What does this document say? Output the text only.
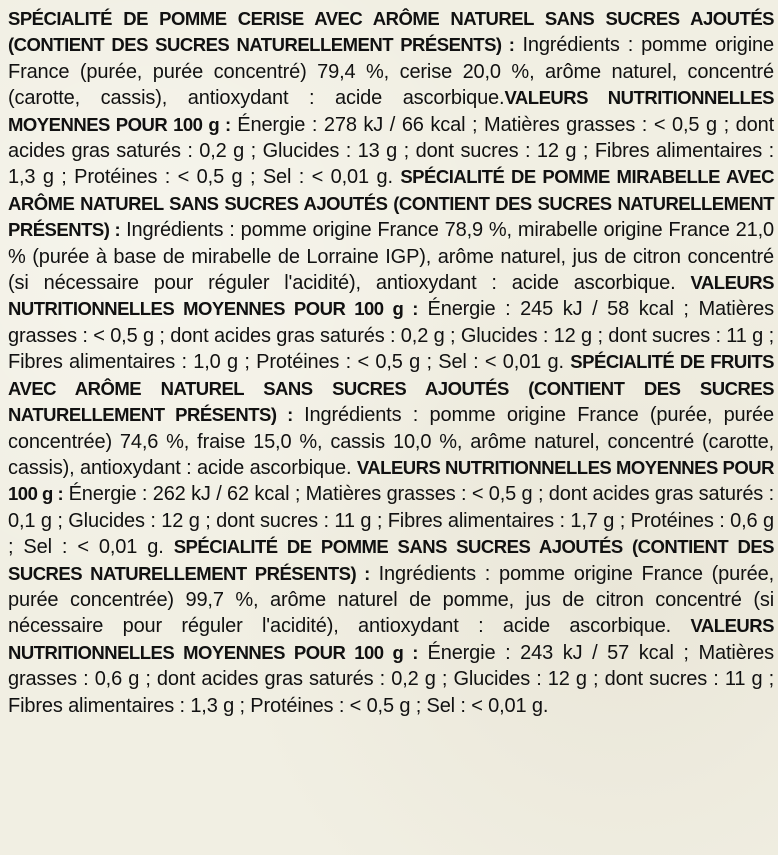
SPÉCIALITÉ DE POMME CERISE AVEC ARÔME NATUREL SANS SUCRES AJOUTÉS (CONTIENT DES SUCRES NATURELLEMENT PRÉSENTS) : Ingrédients : pomme origine France (purée, purée concentré) 79,4 %, cerise 20,0 %, arôme naturel, concentré (carotte, cassis), antioxydant : acide ascorbique.VALEURS NUTRITIONNELLES MOYENNES POUR 100 g : Énergie : 278 kJ / 66 kcal ; Matières grasses : < 0,5 g ; dont acides gras saturés : 0,2 g ; Glucides : 13 g ; dont sucres : 12 g ; Fibres alimentaires : 1,3 g ; Protéines : < 0,5 g ; Sel : < 0,01 g. SPÉCIALITÉ DE POMME MIRABELLE AVEC ARÔME NATUREL SANS SUCRES AJOUTÉS (CONTIENT DES SUCRES NATURELLEMENT PRÉSENTS) : Ingrédients : pomme origine France 78,9 %, mirabelle origine France 21,0 % (purée à base de mirabelle de Lorraine IGP), arôme naturel, jus de citron concentré (si nécessaire pour réguler l'acidité), antioxydant : acide ascorbique. VALEURS NUTRITIONNELLES MOYENNES POUR 100 g : Énergie : 245 kJ / 58 kcal ; Matières grasses : < 0,5 g ; dont acides gras saturés : 0,2 g ; Glucides : 12 g ; dont sucres : 11 g ; Fibres alimentaires : 1,0 g ; Protéines : < 0,5 g ; Sel : < 0,01 g. SPÉCIALITÉ DE FRUITS AVEC ARÔME NATUREL SANS SUCRES AJOUTÉS (CONTIENT DES SUCRES NATURELLEMENT PRÉSENTS) : Ingrédients : pomme origine France (purée, purée concentrée) 74,6 %, fraise 15,0 %, cassis 10,0 %, arôme naturel, concentré (carotte, cassis), antioxydant : acide ascorbique. VALEURS NUTRITIONNELLES MOYENNES POUR 100 g : Énergie : 262 kJ / 62 kcal ; Matières grasses : < 0,5 g ; dont acides gras saturés : 0,1 g ; Glucides : 12 g ; dont sucres : 11 g ; Fibres alimentaires : 1,7 g ; Protéines : 0,6 g ; Sel : < 0,01 g. SPÉCIALITÉ DE POMME SANS SUCRES AJOUTÉS (CONTIENT DES SUCRES NATURELLEMENT PRÉSENTS) : Ingrédients : pomme origine France (purée, purée concentrée) 99,7 %, arôme naturel de pomme, jus de citron concentré (si nécessaire pour réguler l'acidité), antioxydant : acide ascorbique. VALEURS NUTRITIONNELLES MOYENNES POUR 100 g : Énergie : 243 kJ / 57 kcal ; Matières grasses : 0,6 g ; dont acides gras saturés : 0,2 g ; Glucides : 12 g ; dont sucres : 11 g ; Fibres alimentaires : 1,3 g ; Protéines : < 0,5 g ; Sel : < 0,01 g.
